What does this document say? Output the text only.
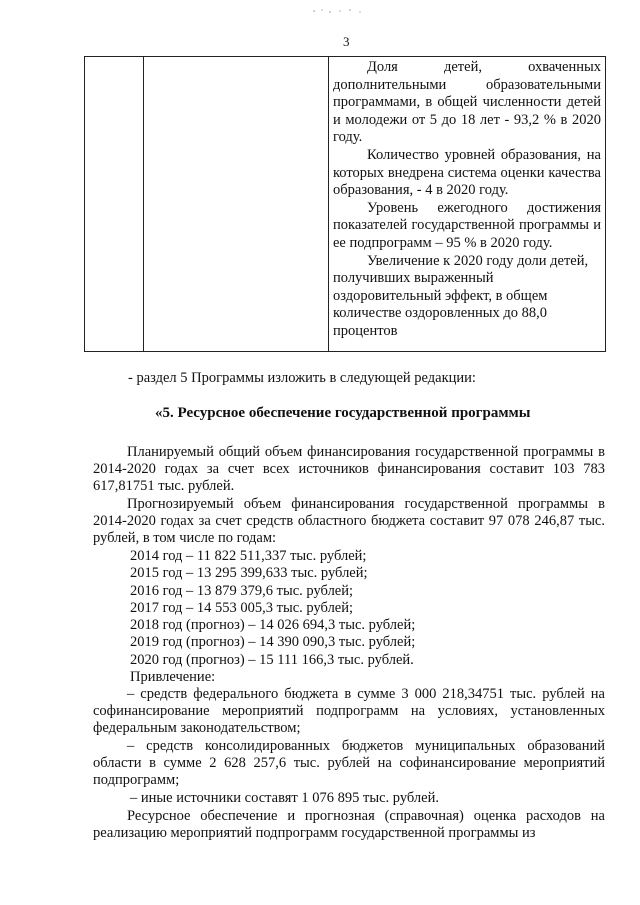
3

Доля детей, охваченных дополнительными образовательными программами, в общей численности детей и молодежи от 5 до 18 лет - 93,2 % в 2020 году.

Количество уровней образования, на которых внедрена система оценки качества образования, - 4 в 2020 году.

Уровень ежегодного достижения показателей государственной программы и ее подпрограмм – 95 % в 2020 году.

Увеличение к 2020 году доли детей, получивших выраженный оздоровительный эффект, в общем количестве оздоровленных до 88,0 процентов

- раздел 5 Программы изложить в следующей редакции:

«5. Ресурсное обеспечение государственной программы

Планируемый общий объем финансирования государственной программы в 2014-2020 годах за счет всех источников финансирования составит 103 783 617,81751 тыс. рублей.

Прогнозируемый объем финансирования государственной программы в 2014-2020 годах за счет средств областного бюджета составит 97 078 246,87 тыс. рублей, в том числе по годам:

2014 год – 11 822 511,337 тыс. рублей;
2015 год – 13 295 399,633 тыс. рублей;
2016 год – 13 879 379,6 тыс. рублей;
2017 год – 14 553 005,3 тыс. рублей;
2018 год (прогноз) – 14 026 694,3 тыс. рублей;
2019 год (прогноз) – 14 390 090,3 тыс. рублей;
2020 год (прогноз) – 15 111 166,3 тыс. рублей.
Привлечение:

– средств федерального бюджета в сумме 3 000 218,34751 тыс. рублей на софинансирование мероприятий подпрограмм на условиях, установленных федеральным законодательством;

– средств консолидированных бюджетов муниципальных образований области в сумме 2 628 257,6 тыс. рублей на софинансирование мероприятий подпрограмм;

– иные источники составят 1 076 895 тыс. рублей.

Ресурсное обеспечение и прогнозная (справочная) оценка расходов на реализацию мероприятий подпрограмм государственной программы из
